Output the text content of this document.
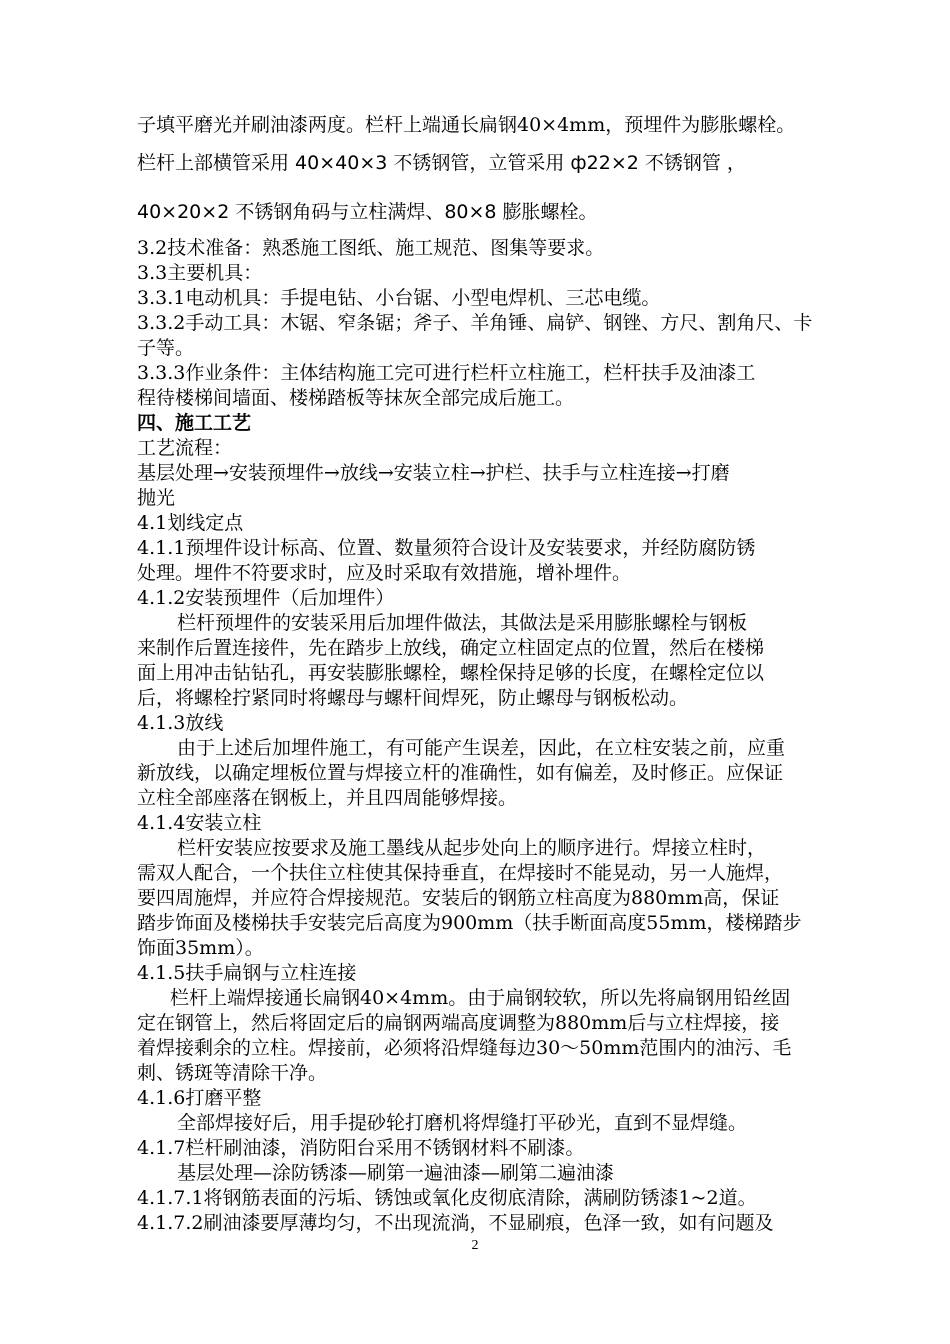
子填平磨光并刷油漆两度。栏杆上端通长扁钢40×4mm，预埋件为膨胀螺栓。
栏杆上部横管采用 40×40×3 不锈钢管，立管采用 ф22×2 不锈钢管 ，
40×20×2 不锈钢角码与立柱满焊、80×8 膨胀螺栓。
3.2技术准备：熟悉施工图纸、施工规范、图集等要求。
3.3主要机具：
3.3.1电动机具：手提电钻、小台锯、小型电焊机、三芯电缆。
3.3.2手动工具：木锯、窄条锯；斧子、羊角锤、扁铲、钢锉、方尺、割角尺、卡
子等。
3.3.3作业条件：主体结构施工完可进行栏杆立柱施工，栏杆扶手及油漆工
程待楼梯间墙面、楼梯踏板等抹灰全部完成后施工。
四、施工工艺
工艺流程：
基层处理→安装预埋件→放线→安装立柱→护栏、扶手与立柱连接→打磨
抛光
4.1划线定点
4.1.1预埋件设计标高、位置、数量须符合设计及安装要求，并经防腐防锈
处理。埋件不符要求时，应及时采取有效措施，增补埋件。
4.1.2安装预埋件（后加埋件）
栏杆预埋件的安装采用后加埋件做法，其做法是采用膨胀螺栓与钢板
来制作后置连接件，先在踏步上放线，确定立柱固定点的位置，然后在楼梯
面上用冲击钻钻孔，再安装膨胀螺栓，螺栓保持足够的长度，在螺栓定位以
后，将螺栓拧紧同时将螺母与螺杆间焊死，防止螺母与钢板松动。
4.1.3放线
由于上述后加埋件施工，有可能产生误差，因此，在立柱安装之前，应重
新放线，以确定埋板位置与焊接立杆的准确性，如有偏差，及时修正。应保证
立柱全部座落在钢板上，并且四周能够焊接。
4.1.4安装立柱
栏杆安装应按要求及施工墨线从起步处向上的顺序进行。焊接立柱时，
需双人配合，一个扶住立柱使其保持垂直，在焊接时不能晃动，另一人施焊，
要四周施焊，并应符合焊接规范。安装后的钢筋立柱高度为880mm高，保证
踏步饰面及楼梯扶手安装完后高度为900mm（扶手断面高度55mm，楼梯踏步
饰面35mm）。
4.1.5扶手扁钢与立柱连接
栏杆上端焊接通长扁钢40×4mm。由于扁钢较软，所以先将扁钢用铅丝固
定在钢管上，然后将固定后的扁钢两端高度调整为880mm后与立柱焊接，接
着焊接剩余的立柱。焊接前，必须将沿焊缝每边30～50mm范围内的油污、毛
刺、锈斑等清除干净。
4.1.6打磨平整
全部焊接好后，用手提砂轮打磨机将焊缝打平砂光，直到不显焊缝。
4.1.7栏杆刷油漆，消防阳台采用不锈钢材料不刷漆。
基层处理—涂防锈漆—刷第一遍油漆—刷第二遍油漆
4.1.7.1将钢筋表面的污垢、锈蚀或氧化皮彻底清除，满刷防锈漆1~2道。
4.1.7.2刷油漆要厚薄均匀，不出现流淌，不显刷痕，色泽一致，如有问题及
2
